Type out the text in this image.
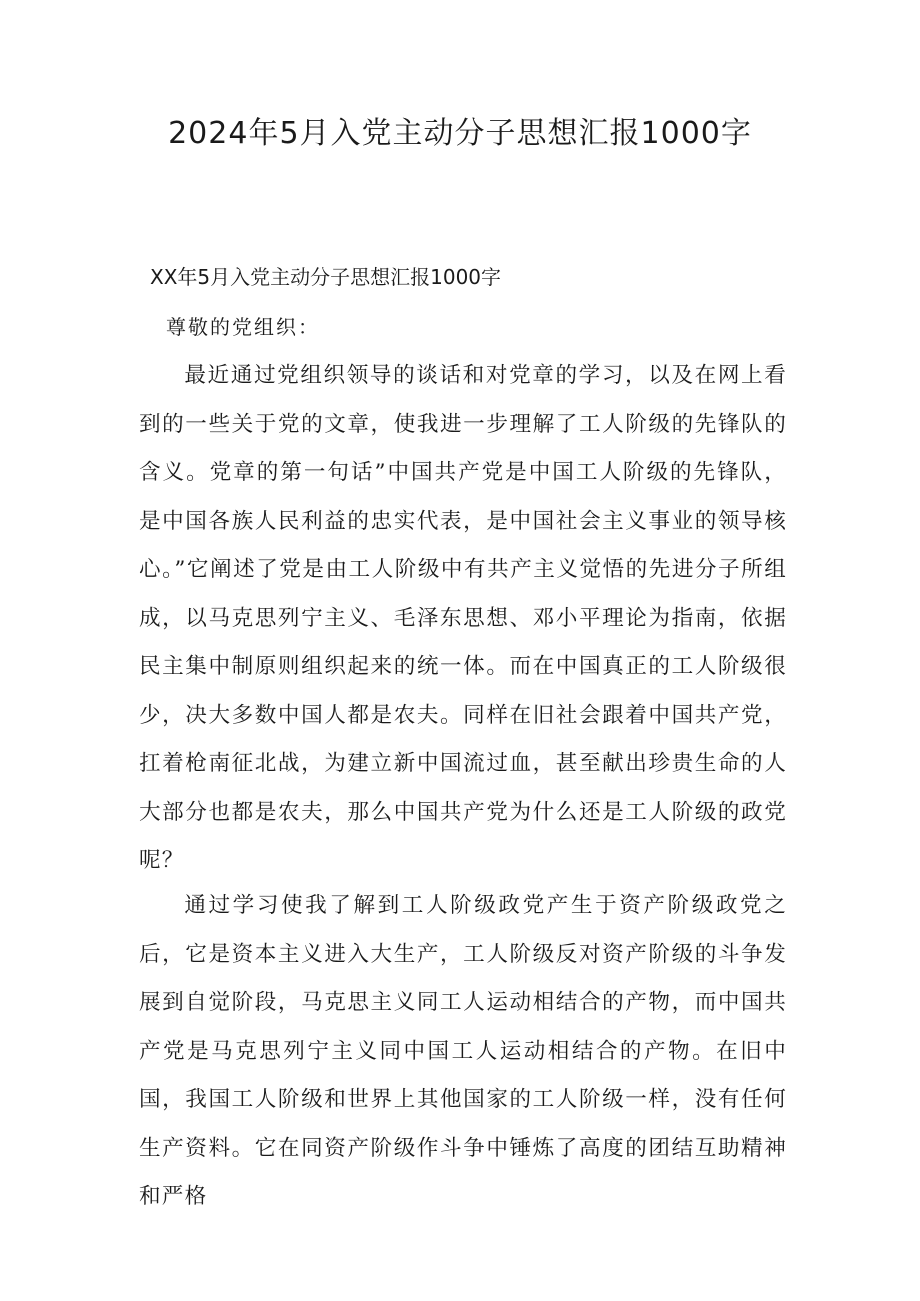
2024年5月入党主动分子思想汇报1000字

XX年5月入党主动分子思想汇报1000字

尊敬的党组织：

最近通过党组织领导的谈话和对党章的学习，以及在网上看到的一些关于党的文章，使我进一步理解了工人阶级的先锋队的含义。党章的第一句话”中国共产党是中国工人阶级的先锋队，是中国各族人民利益的忠实代表，是中国社会主义事业的领导核心。”它阐述了党是由工人阶级中有共产主义觉悟的先进分子所组成，以马克思列宁主义、毛泽东思想、邓小平理论为指南，依据民主集中制原则组织起来的统一体。而在中国真正的工人阶级很少，决大多数中国人都是农夫。同样在旧社会跟着中国共产党，扛着枪南征北战，为建立新中国流过血，甚至献出珍贵生命的人大部分也都是农夫，那么中国共产党为什么还是工人阶级的政党呢？

通过学习使我了解到工人阶级政党产生于资产阶级政党之后，它是资本主义进入大生产，工人阶级反对资产阶级的斗争发展到自觉阶段，马克思主义同工人运动相结合的产物，而中国共产党是马克思列宁主义同中国工人运动相结合的产物。在旧中国，我国工人阶级和世界上其他国家的工人阶级一样，没有任何生产资料。它在同资产阶级作斗争中锤炼了高度的团结互助精神和严格
